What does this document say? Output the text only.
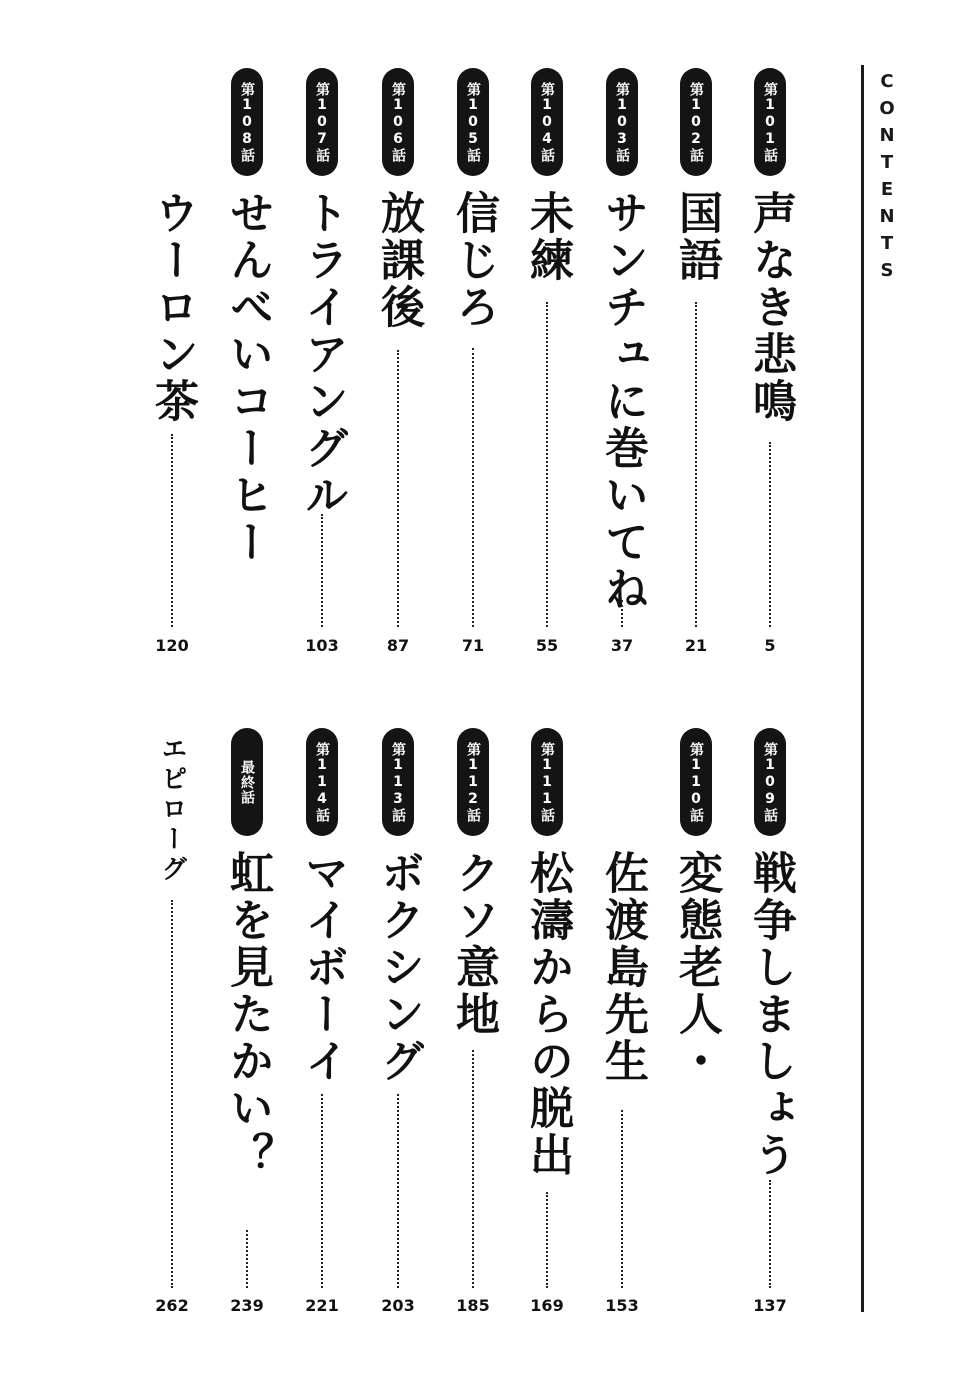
C
O
N
T
E
N
T
S
第101話
声なき悲鳴
5
第102話
国語
21
第103話
サンチュに巻いてね
37
第104話
未練
55
第105話
信じろ
71
第106話
放課後
87
第107話
トライアングル
103
第108話
せんべいコーヒー
ウーロン茶
120
第109話
戦争しましょう
137
第110話
変態老人・
佐渡島先生
153
第111話
松濤からの脱出
169
第112話
クソ意地
185
第113話
ボクシング
203
第114話
マイボーイ
221
最終話
虹を見たかい？
239
エピローグ
262
